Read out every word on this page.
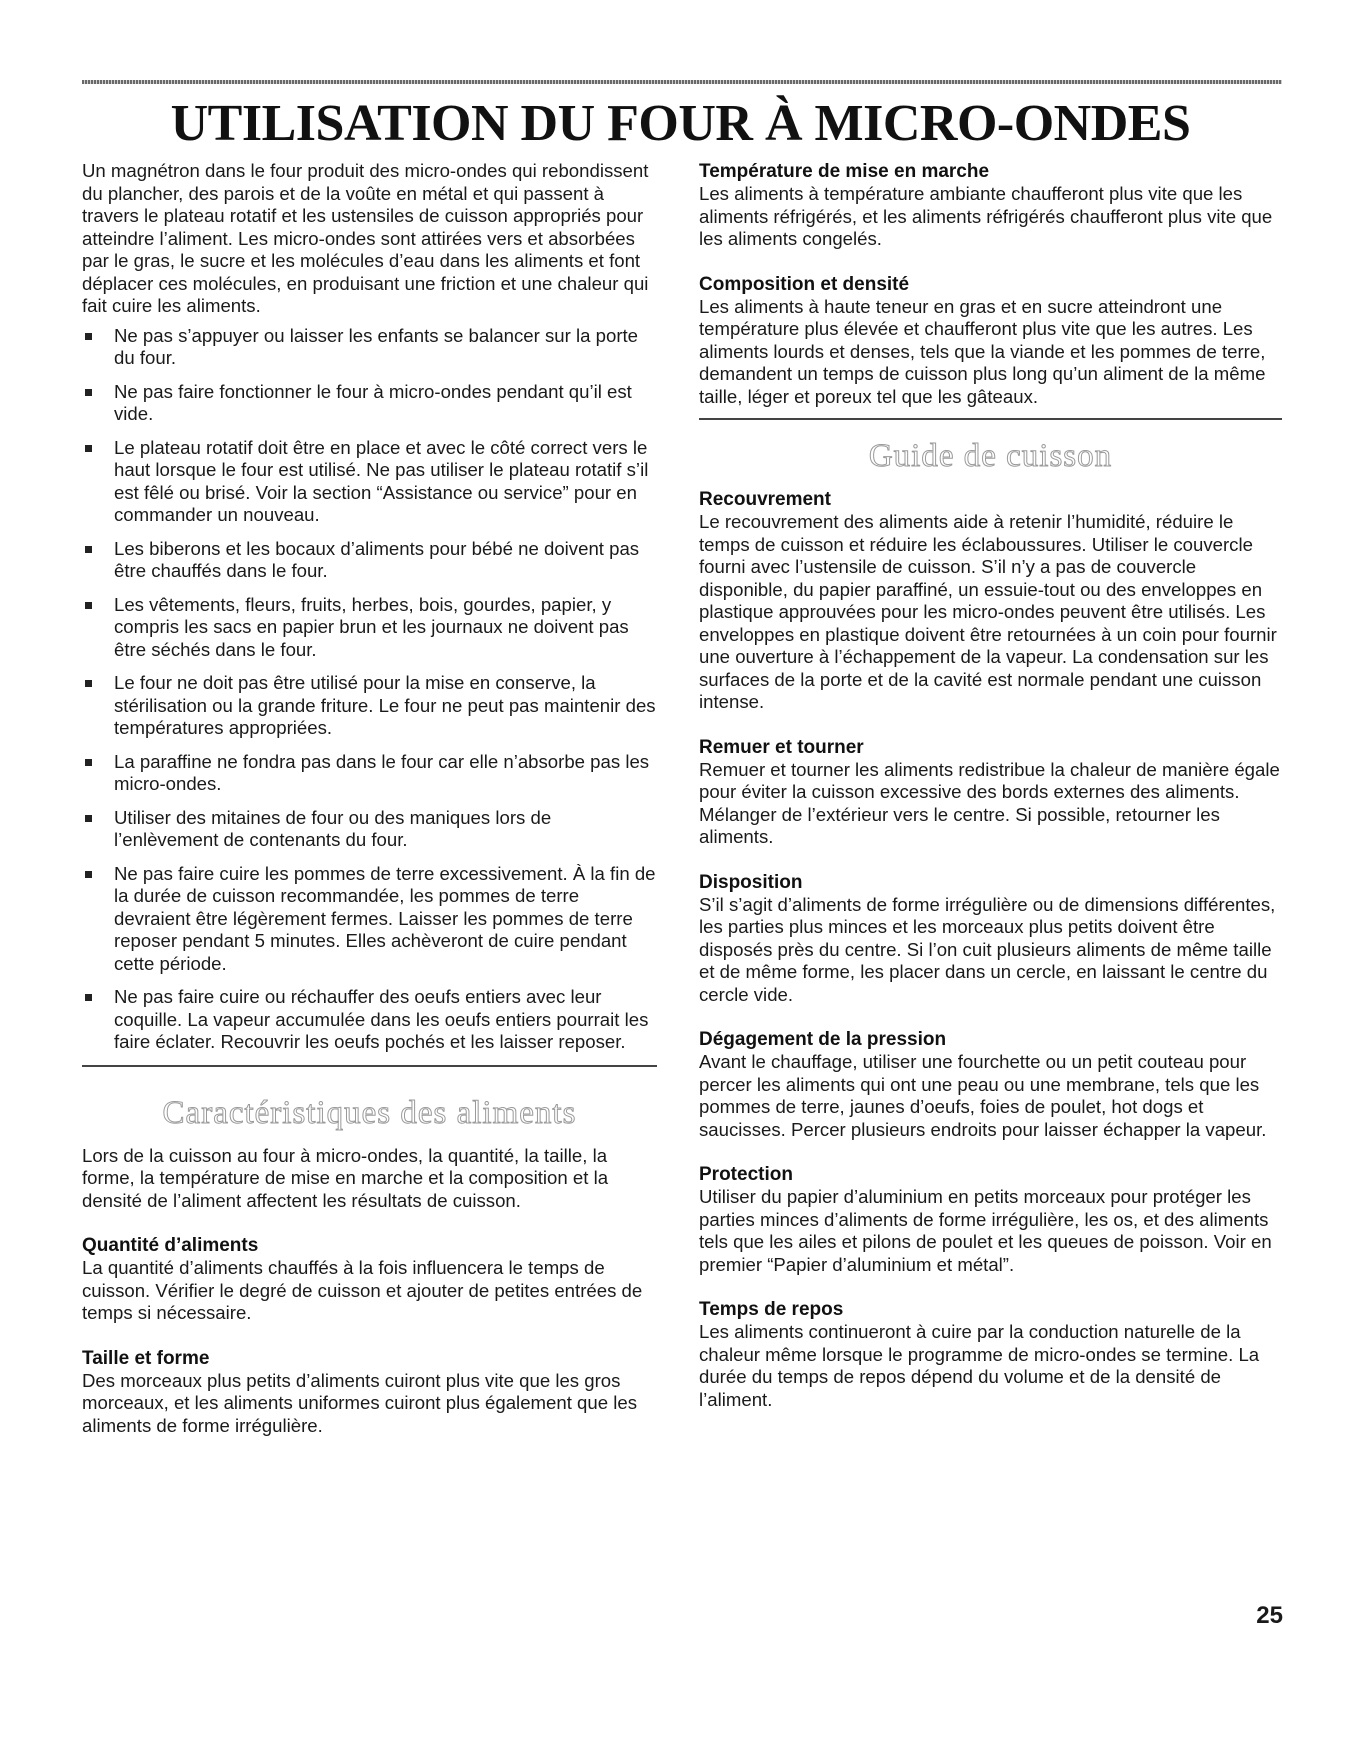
UTILISATION DU FOUR À MICRO-ONDES

Un magnétron dans le four produit des micro-ondes qui rebondissent du plancher, des parois et de la voûte en métal et qui passent à travers le plateau rotatif et les ustensiles de cuisson appropriés pour atteindre l’aliment. Les micro-ondes sont attirées vers et absorbées par le gras, le sucre et les molécules d’eau dans les aliments et font déplacer ces molécules, en produisant une friction et une chaleur qui fait cuire les aliments.

Ne pas s’appuyer ou laisser les enfants se balancer sur la porte du four.
Ne pas faire fonctionner le four à micro-ondes pendant qu’il est vide.
Le plateau rotatif doit être en place et avec le côté correct vers le haut lorsque le four est utilisé. Ne pas utiliser le plateau rotatif s’il est fêlé ou brisé. Voir la section “Assistance ou service” pour en commander un nouveau.
Les biberons et les bocaux d’aliments pour bébé ne doivent pas être chauffés dans le four.
Les vêtements, fleurs, fruits, herbes, bois, gourdes, papier, y compris les sacs en papier brun et les journaux ne doivent pas être séchés dans le four.
Le four ne doit pas être utilisé pour la mise en conserve, la stérilisation ou la grande friture. Le four ne peut pas maintenir des températures appropriées.
La paraffine ne fondra pas dans le four car elle n’absorbe pas les micro-ondes.
Utiliser des mitaines de four ou des maniques lors de l’enlèvement de contenants du four.
Ne pas faire cuire les pommes de terre excessivement. À la fin de la durée de cuisson recommandée, les pommes de terre devraient être légèrement fermes. Laisser les pommes de terre reposer pendant 5 minutes. Elles achèveront de cuire pendant cette période.
Ne pas faire cuire ou réchauffer des oeufs entiers avec leur coquille. La vapeur accumulée dans les oeufs entiers pourrait les faire éclater. Recouvrir les oeufs pochés et les laisser reposer.
Caractéristiques des aliments

Lors de la cuisson au four à micro-ondes, la quantité, la taille, la forme, la température de mise en marche et la composition et la densité de l’aliment affectent les résultats de cuisson.

Quantité d’aliments

La quantité d’aliments chauffés à la fois influencera le temps de cuisson. Vérifier le degré de cuisson et ajouter de petites entrées de temps si nécessaire.

Taille et forme

Des morceaux plus petits d’aliments cuiront plus vite que les gros morceaux, et les aliments uniformes cuiront plus également que les aliments de forme irrégulière.

Température de mise en marche

Les aliments à température ambiante chaufferont plus vite que les aliments réfrigérés, et les aliments réfrigérés chaufferont plus vite que les aliments congelés.

Composition et densité

Les aliments à haute teneur en gras et en sucre atteindront une température plus élevée et chaufferont plus vite que les autres. Les aliments lourds et denses, tels que la viande et les pommes de terre, demandent un temps de cuisson plus long qu’un aliment de la même taille, léger et poreux tel que les gâteaux.

Guide de cuisson
Recouvrement

Le recouvrement des aliments aide à retenir l’humidité, réduire le temps de cuisson et réduire les éclaboussures. Utiliser le couvercle fourni avec l’ustensile de cuisson. S’il n’y a pas de couvercle disponible, du papier paraffiné, un essuie-tout ou des enveloppes en plastique approuvées pour les micro-ondes peuvent être utilisés. Les enveloppes en plastique doivent être retournées à un coin pour fournir une ouverture à l’échappement de la vapeur. La condensation sur les surfaces de la porte et de la cavité est normale pendant une cuisson intense.

Remuer et tourner

Remuer et tourner les aliments redistribue la chaleur de manière égale pour éviter la cuisson excessive des bords externes des aliments. Mélanger de l’extérieur vers le centre. Si possible, retourner les aliments.

Disposition

S’il s’agit d’aliments de forme irrégulière ou de dimensions différentes, les parties plus minces et les morceaux plus petits doivent être disposés près du centre. Si l’on cuit plusieurs aliments de même taille et de même forme, les placer dans un cercle, en laissant le centre du cercle vide.

Dégagement de la pression

Avant le chauffage, utiliser une fourchette ou un petit couteau pour percer les aliments qui ont une peau ou une membrane, tels que les pommes de terre, jaunes d’oeufs, foies de poulet, hot dogs et saucisses. Percer plusieurs endroits pour laisser échapper la vapeur.

Protection

Utiliser du papier d’aluminium en petits morceaux pour protéger les parties minces d’aliments de forme irrégulière, les os, et des aliments tels que les ailes et pilons de poulet et les queues de poisson. Voir en premier “Papier d’aluminium et métal”.

Temps de repos

Les aliments continueront à cuire par la conduction naturelle de la chaleur même lorsque le programme de micro-ondes se termine. La durée du temps de repos dépend du volume et de la densité de l’aliment.

25
